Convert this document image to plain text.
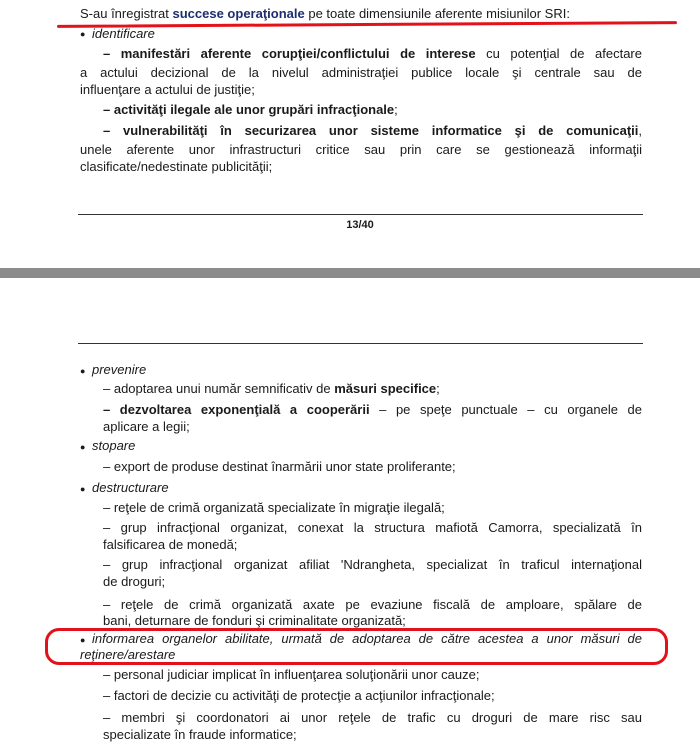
S-au înregistrat succese operaţionale pe toate dimensiunile aferente misiunilor SRI:
● identificare
– manifestări aferente corupţiei/conflictului de interese cu potenţial de afectare
a actului decizional de la nivelul administraţiei publice locale şi centrale sau de
influenţare a actului de justiţie;
– activităţi ilegale ale unor grupări infracţionale;
– vulnerabilităţi în securizarea unor sisteme informatice şi de comunicaţii,
unele aferente unor infrastructuri critice sau prin care se gestionează informaţii
clasificate/nedestinate publicităţii;
13/40
● prevenire
– adoptarea unui număr semnificativ de măsuri specifice;
– dezvoltarea exponenţială a cooperării – pe speţe punctuale – cu organele de
aplicare a legii;
● stopare
– export de produse destinat înarmării unor state proliferante;
● destructurare
– reţele de crimă organizată specializate în migraţie ilegală;
– grup infracţional organizat, conexat la structura mafiotă Camorra, specializată în
falsificarea de monedă;
– grup infracţional organizat afiliat 'Ndrangheta, specializat în traficul internaţional
de droguri;
– reţele de crimă organizată axate pe evaziune fiscală de amploare, spălare de
bani, deturnare de fonduri şi criminalitate organizată;
● informarea organelor abilitate, urmată de adoptarea de către acestea a unor măsuri de
reţinere/arestare
– personal judiciar implicat în influenţarea soluţionării unor cauze;
– factori de decizie cu activităţi de protecţie a acţiunilor infracţionale;
– membri şi coordonatori ai unor reţele de trafic cu droguri de mare risc sau
specializate în fraude informatice;
